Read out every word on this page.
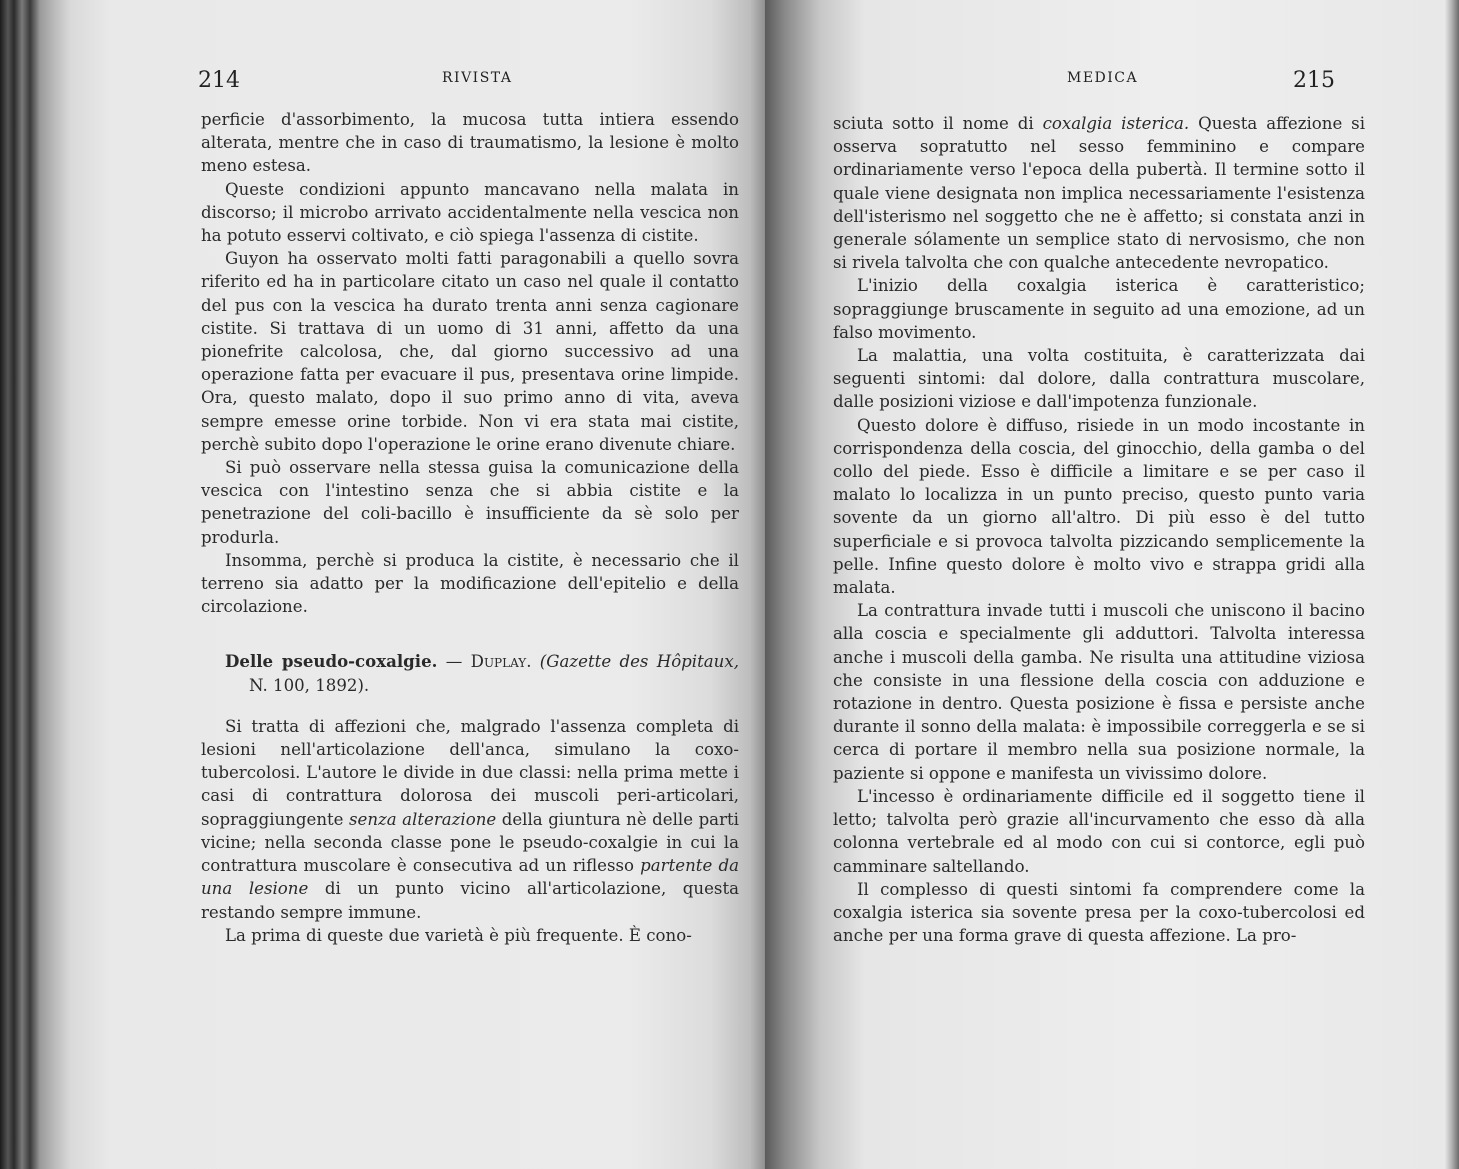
214	RIVISTA

perficie d'assorbimento, la mucosa tutta intiera essendo alterata, mentre che in caso di traumatismo, la lesione è molto meno estesa.

Queste condizioni appunto mancavano nella malata in discorso; il microbo arrivato accidentalmente nella vescica non ha potuto esservi coltivato, e ciò spiega l'assenza di cistite.

Guyon ha osservato molti fatti paragonabili a quello sovra riferito ed ha in particolare citato un caso nel quale il contatto del pus con la vescica ha durato trenta anni senza cagionare cistite. Si trattava di un uomo di 31 anni, affetto da una pionefrite calcolosa, che, dal giorno successivo ad una operazione fatta per evacuare il pus, presentava orine limpide. Ora, questo malato, dopo il suo primo anno di vita, aveva sempre emesse orine torbide. Non vi era stata mai cistite, perchè subito dopo l'operazione le orine erano divenute chiare.

Si può osservare nella stessa guisa la comunicazione della vescica con l'intestino senza che si abbia cistite e la penetrazione del coli-bacillo è insufficiente da sè solo per produrla.

Insomma, perchè si produca la cistite, è necessario che il terreno sia adatto per la modificazione dell'epitelio e della circolazione.

Delle pseudo-coxalgie. — Duplay. (Gazette des Hôpitaux, N. 100, 1892).

Si tratta di affezioni che, malgrado l'assenza completa di lesioni nell'articolazione dell'anca, simulano la coxo-tubercolosi. L'autore le divide in due classi: nella prima mette i casi di contrattura dolorosa dei muscoli peri-articolari, sopraggiungente senza alterazione della giuntura nè delle parti vicine; nella seconda classe pone le pseudo-coxalgie in cui la contrattura muscolare è consecutiva ad un riflesso partente da una lesione di un punto vicino all'articolazione, questa restando sempre immune.

La prima di queste due varietà è più frequente. È cono-

MEDICA	215

sciuta sotto il nome di coxalgia isterica. Questa affezione si osserva sopratutto nel sesso femminino e compare ordinariamente verso l'epoca della pubertà. Il termine sotto il quale viene designata non implica necessariamente l'esistenza dell'isterismo nel soggetto che ne è affetto; si constata anzi in generale sólamente un semplice stato di nervosismo, che non si rivela talvolta che con qualche antecedente nevropatico.

L'inizio della coxalgia isterica è caratteristico; sopraggiunge bruscamente in seguito ad una emozione, ad un falso movimento.

La malattia, una volta costituita, è caratterizzata dai seguenti sintomi: dal dolore, dalla contrattura muscolare, dalle posizioni viziose e dall'impotenza funzionale.

Questo dolore è diffuso, risiede in un modo incostante in corrispondenza della coscia, del ginocchio, della gamba o del collo del piede. Esso è difficile a limitare e se per caso il malato lo localizza in un punto preciso, questo punto varia sovente da un giorno all'altro. Di più esso è del tutto superficiale e si provoca talvolta pizzicando semplicemente la pelle. Infine questo dolore è molto vivo e strappa gridi alla malata.

La contrattura invade tutti i muscoli che uniscono il bacino alla coscia e specialmente gli adduttori. Talvolta interessa anche i muscoli della gamba. Ne risulta una attitudine viziosa che consiste in una flessione della coscia con adduzione e rotazione in dentro. Questa posizione è fissa e persiste anche durante il sonno della malata: è impossibile correggerla e se si cerca di portare il membro nella sua posizione normale, la paziente si oppone e manifesta un vivissimo dolore.

L'incesso è ordinariamente difficile ed il soggetto tiene il letto; talvolta però grazie all'incurvamento che esso dà alla colonna vertebrale ed al modo con cui si contorce, egli può camminare saltellando.

Il complesso di questi sintomi fa comprendere come la coxalgia isterica sia sovente presa per la coxo-tubercolosi ed anche per una forma grave di questa affezione. La pro-
